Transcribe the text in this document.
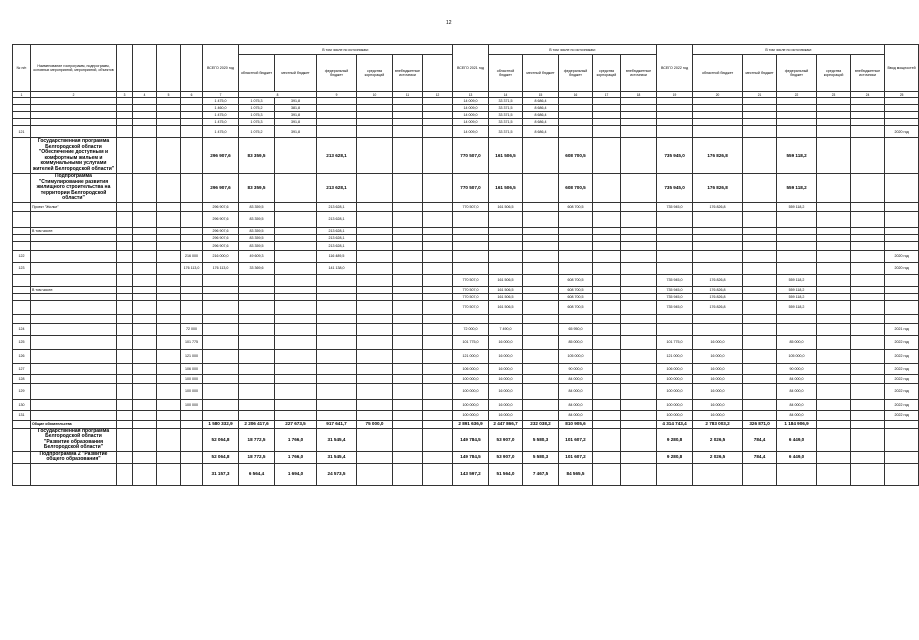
12
№ п/п	Наименование госпрограмм, подпрограмм, основных мероприятий, мероприятий, объектов					ВСЕГО 2020 год	В том числе по источникам:						ВСЕГО 2021 год	В том числе по источникам:					ВСЕГО 2022 год	В том числе по источникам:					Ввод мощностей
							областной бюджет	местный бюджет	федеральный бюджет	средства корпораций	внебюджетные источники			областной бюджет	местный бюджет	федеральный бюджет	средства корпораций	внебюджетные источники		областной бюджет	местный бюджет	федеральный бюджет	средства корпораций	внебюджетные источники	
1	2	3	4	5	6	7	8		9	10	11	12	13	14	15	16	17	18	19	20	21	22	23	24	25
						1 475,0	1 075,3	391,8					14 009,0	33 371,5	8 686,4										
						1 460,0	1 075,2	381,8					14 009,0	33 371,5	8 686,4										
						1 475,0	1 075,3	391,8					14 009,0	33 371,5	8 686,4										
						1 475,0	1 075,3	391,8					14 009,0	33 371,5	8 686,4										
121						1 475,0	1 075,2	391,8					14 009,0	33 371,5	8 686,4										2020 год
	Государственная программа Белгородской области "Обеспечение доступным и комфортным жильем и коммунальными услугами жителей Белгородской области"					296 907,6	83 359,5		213 628,1				770 507,0	161 506,5		608 700,5			735 945,0	176 826,8		559 118,2			
	Подпрограмма "Стимулирование развития жилищного строительства на территории Белгородской области"					296 907,6	83 359,5		213 628,1				770 507,0	161 506,5		608 700,5			735 945,0	176 826,8		559 118,2			
	Проект "Жилье"					296 907,6	83 359,5		213 628,1				770 507,0	161 506,5		608 700,5			735 945,0	176 826,8		559 118,2			
						296 907,6	83 359,5		213 628,1																
	В том числе:					296 907,6	83 359,5		213 628,1																
						296 907,6	83 359,5		213 628,1																
						296 907,6	83 359,5		213 628,1																
122					216 000	216 000,0	49 609,3		116 489,5																2020 год
123					176 113,0	176 113,0	33 369,6		141 138,0																2020 год
													770 507,0	161 506,5		608 700,5			735 945,0	176 826,8		559 118,2			
	В том числе:												770 507,0	161 506,5		608 700,5			735 945,0	176 826,8		559 118,2			
													770 507,0	161 506,5		608 700,5			735 945,0	176 826,8		559 118,2			
													770 507,0	161 506,5		608 700,5			735 945,0	176 826,8		559 118,2			

124					72 000								72 000,0	7 490,0		65 950,0									2021 год
125					101 775								101 775,0	16 000,0		85 000,0			101 775,0	16 000,0		85 000,0			2022 год
126					121 000								121 000,0	16 000,0		105 000,0			121 000,0	16 000,0		105 000,0			2022 год
127					106 000								106 000,0	16 000,0		90 000,0			106 000,0	16 000,0		90 000,0			2022 год
128					100 000								100 000,0	16 000,0		84 000,0			100 000,0	16 000,0		84 000,0			2022 год
129					100 000								100 000,0	16 000,0		84 000,0			100 000,0	16 000,0		84 000,0			2022 год
130					100 000								100 000,0	16 000,0		84 000,0			100 000,0	16 000,0		84 000,0			2022 год
131													100 000,0	16 000,0		84 000,0			100 000,0	16 000,0		84 000,0			2022 год
	Общие обязательства					1 580 332,9	2 206 417,6	227 673,5	917 641,7	75 000,0			2 891 636,9	2 447 866,7	232 038,2	810 905,6			4 314 743,4	2 783 003,2	326 871,0	1 184 906,9			
	Государственная программа Белгородской области "Развитие образования Белгородской области"					52 064,8	18 772,5	1 766,0	31 545,4				149 784,5	53 907,0	5 580,3	101 607,2			9 280,8	2 026,5	784,4	6 449,0			
	Подпрограмма 2 "Развитие общего образования"					52 064,8	18 772,5	1 766,0	31 545,4				149 784,5	53 907,0	5 580,3	101 607,2			9 280,8	2 026,5	784,4	6 449,0			
						31 157,3	6 564,4	1 694,0	24 573,5				143 597,2	51 564,0	7 467,5	84 565,5									
